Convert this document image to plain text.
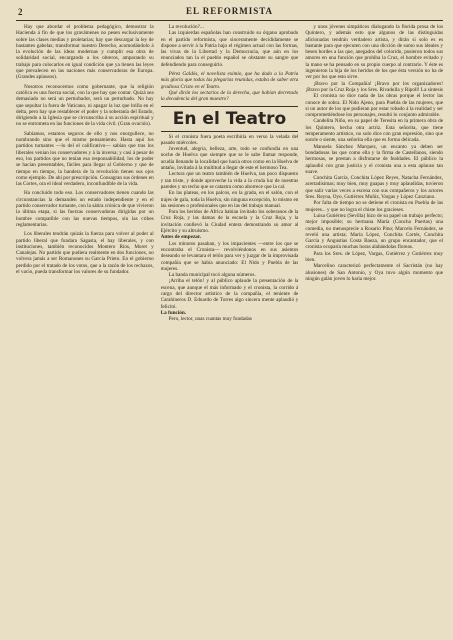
2	EL REFORMISTA

Hay que abordar el problema pedagógico, demostrar la Hacienda á fin de que los gravámenes no pesen esclusivamente sobre las clases medias y proletarias; hay que descargar la ley de bastantes gabelas; transformar nuestro Derecho, acomodándolo á la evolución de las ideas modernas y cumplir esa obra de solidaridad social, encargando a los obreros, amparando su trabajo para colocarlos en igual condición que ya tienen las leyes que prevalecen en las naciones más conservadoras de Europa. (Grandes aplausos).

Nosotros reconocemos como gobernante, que la religión católica es una fuerza social, con la que hay que contar. Quizá sea demasiado no será un perturbador, será un perturbado. No hay que sepultar la fuera de Vaticano, ni apagar la luz que brilla en el delta, pero hay que restablecer el poder y la soberanía del Estado, dirigiendo a la Iglesia que se circunscriba á su acción espiritual y no se entrometa en las funciones de la vida civil. (Gran ovación).

Sabíamos, estamos seguros de ello y nos enorgullece, no nombrando sino que el mismo pensamiento. Hasta aquí los partidos turnantes —lo del el calificativo— sabían que tras los liberales venían los conservadores y á la inversa; y casi á pesar de eso, los partidos que no tenían esa responsabilidad, los de poder se hacían presentables, fáciles para llegar al Gobierno y que de tiempo en tiempo, la bandera de la revolución tienen sus ojos como ejemplo. De ahí por prescripción. Consagran sus órdenes en las Cortes, ora el ideal verdadero, inconfundible de la vida.

Ha concluido todo eso. Los conservadores tienen cuando las circunstancias la demanden un estado independiente y en el partido conservador turnante, con la sátira crónica de que vivieron la última etapa, si las fuerzas conservadoras dirigidas por un hombre compatible con las nuevas tiempos, sin las cribes reglamentarias.

Los liberales tendrán quizás la fuerza para volver al poder al partido liberal que fundara Sagasta, el hay liberales, y con instituciones, también reconocidos Montero Ríos, Moret y Canalejas. No partido que pudiera realmente en dos funciones, no volvera jamás a ser Romanones su Garcia Prieto. En el gobierno perdido por el tratado de los votos, que a la razón de los rechazos, el vacio, pueda transformar los valores de su fundador.

La revolución?...

Las izquierdas españolas han construido su órgano aprobado en el partido reformista, que sinceramente decididamente se dispone a servir á la Patria bajo el régimen actual con las formas, las vivas de la Libertad y la Democracia, que aún en los enunciados tan la el pueblo español se obstante su sangre que defendiendo para conseguirlo.

Pérez Galdós, el novelista eximio, que ha dado a la Patria más gloria que todas las plegarias reunidas, estaba de saber otra gradiosa Cristo en el Teatro.

Qué dirán los sectarios de la derecha, que habían decretado la decadencia del gran maestro?

En el Teatro

Si el cronista fuera poeta escribiría en verso la velada del pasado miércoles.

Juventud, alegría, belleza, arte, todo se confundía en una noche de Huelva que siempre que se le sabe llamar responde, acudía llenando la localidad que hacía otros como en la Huelva de antaño, invitada á la multitud a llegar de este el hermoso Tea.

Lectora que un teatro también de Huelva, tan poco dispuesto y tan triste, y donde aproveche la vida a la cruda luz de nuestras paredes y un techo que se catastra como aborrece que la cal.

En las plateas, en los palcos, en la grada, en el salón, con el trajes de gala, toda la Huelva, sin ninguna excepción, lo mismo en las sesiones o profesionales que en las del trabajo manual.

Para los heridos de Africa habían invitado los soberanos de la Cruz Roja, y las damas de la escuela y la Cruz Roja, y la invitación conllevó la Ciudad entera demostrando su amor al Ejército y su altruismo.

Antes de empezar.

Los minutos pasaban, y los impacientes —entre los que se encontraba el Cronista— revolviéndonos en sus asientos deseando se levantara el telón para ver y juzgar de la improvisada compañía que se había anunciado: El Nido y Puebla de las mujeres.

La banda municipal tocó alguna números.

¡Arriba el telón! y al público aplaude la presentación de la escena, que aunque el más informado y el cronista, la corrido á cargo del director artístico de la compañía, el teniente de Carabineros D. Eduardo de Torres algo sincera mente aplaudió y felicitó.

La función.

Pero, lector, unas cuantas muy fundadas

y unos jóvenes simpáticos dialogando la florida prosa de los Quintero, y además esto que algunos de las distinguidas aficionadas tendrán verdadero artista, y dirán si solo es es bastante para que ejecuten con una dicción de sumo sus ideales y besen bordes a las que, anegados del colorido, pusieron todos sus amores en una función que prohiba la Cruz, el hombre evitado y la mano se ha pensado en su propio cuerpo al contrario. Y éste es ingenieron la hija de los heridos de los que ésta versión no ha de ver por los que esto sirve.

¡Bravo por la Compañía! ¡Bravo por los organizadores! ¡Bravo por la Cruz Roja y los Sres. Rivadulla y Ripoll! La síntesis

El cronista no dice nada de las obras porque el lector las conoce de sobra. El Nido Ajeno, para Puebla de las mujeres, que si un autor de los que pudieran por estar robado á la realidad y ser comprometiéndose los personajes, resultó lo conjunto admirable.

Candelita Niño, en su papel de Teresita en la primera obra de los Quintero, hecha otra actriz. Esta señorita, que tiene temperamento artístico, no solo dice con gran espresión, sino que sonríe o siente, una señorita ella que es forma delicada.

Manuela Sánchez Marquez, un encanto ya deben ser bondadosas las que como ella y la firma de Castellanos, siendo hermosas, se prestan a disfrutarse de fealdades. El público la aplaudió con gran justicia y el cronista una a esta aplauso tan suave.

Conchita García, Conchita López Reyes, Natacha Fernández, acertadísimas; muy bien, muy guapas y muy aplaudidas, tuvieron que salir varias veces a escena con sus compañeros y los actores Sres. Reyna, Oyo, Gutiérrez Muñiz, Vargas y López Canziano.

Por falta de tiempo no se detiene el cronista en Puebla de las mujeres... y que no logra el chiste los gracieses.

Luisa Gutiérrez (Sevilla) hizo de su papel un trabajo perfecto; mejor imposible; su hermana María (Concha Puertas) una comedia, no menosprecie a Rosario Pino; Marcelo Fernández, se reveló una artista; María López, Conchita Cortés, Conchita García y Angustias Costa Baeza, un grupo encantador, que el cronista ocuparía muchas horas alabándolas floreas.

Para los Sres. de López, Vargas, Gutiérrez y Gutiérrez muy bien.

Marcelino caracterizó perfectamente el Sacristán (no hay alusiones) de San Antonio, y Oya tuvo algún momento que ningún galán joven lo haría mejor.
